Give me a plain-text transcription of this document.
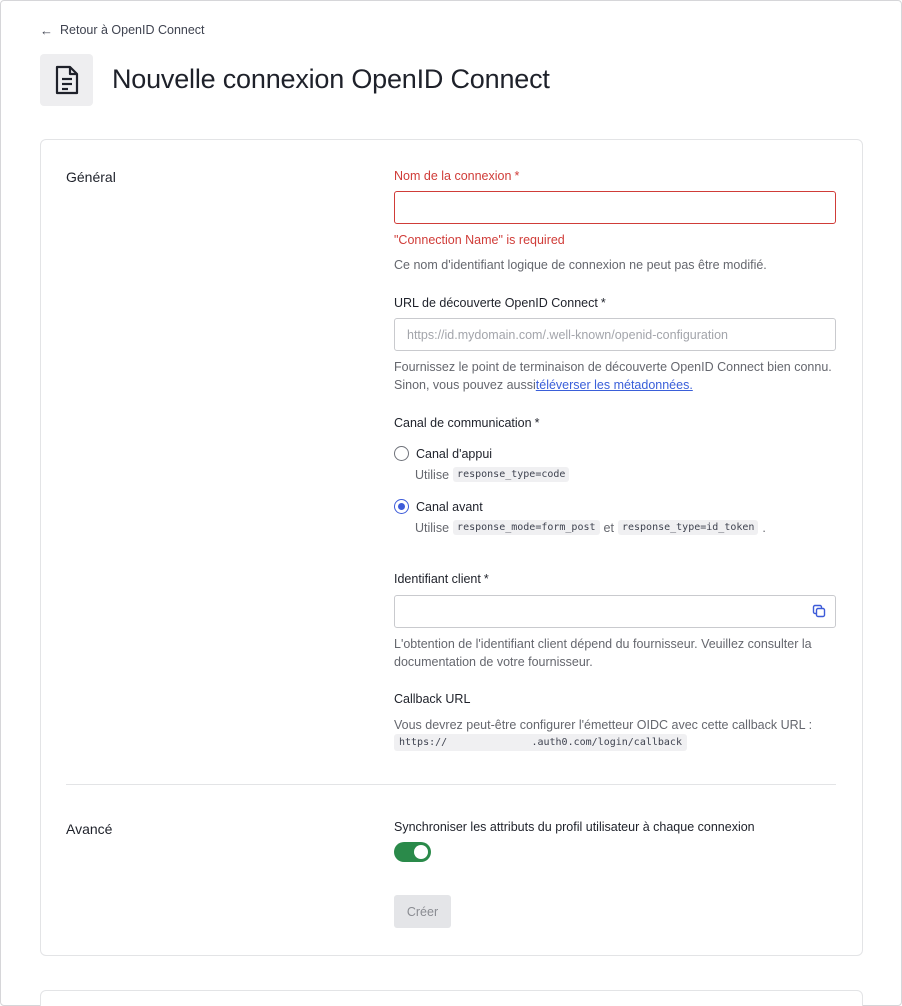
← Retour à OpenID Connect
Nouvelle connexion OpenID Connect
Général	Nom de la connexion *
"Connection Name" is required
Ce nom d'identifiant logique de connexion ne peut pas être modifié.
URL de découverte OpenID Connect *
https://id.mydomain.com/.well-known/openid-configuration
Fournissez le point de terminaison de découverte OpenID Connect bien connu.
Sinon, vous pouvez aussitéléverser les métadonnées.
Canal de communication *
Canal d'appui
Utilise response_type=code
Canal avant
Utilise response_mode=form_post et response_type=id_token .
Identifiant client *
L'obtention de l'identifiant client dépend du fournisseur. Veuillez consulter la
documentation de votre fournisseur.
Callback URL
Vous devrez peut-être configurer l'émetteur OIDC avec cette callback URL :
https://              .auth0.com/login/callback
Avancé	Synchroniser les attributs du profil utilisateur à chaque connexion
Créer
